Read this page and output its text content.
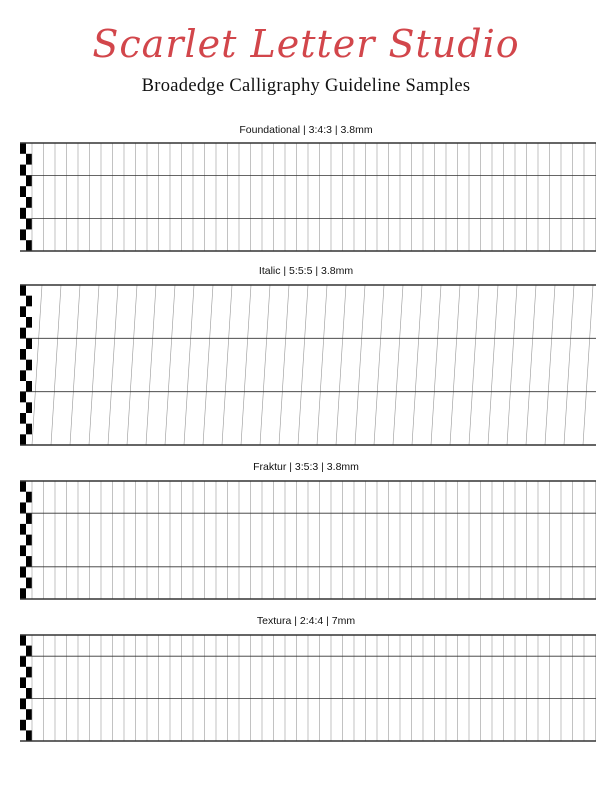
Scarlet Letter Studio
Broadedge Calligraphy Guideline Samples
Foundational | 3:4:3 | 3.8mm
Italic | 5:5:5 | 3.8mm
Fraktur | 3:5:3 | 3.8mm
Textura | 2:4:4 | 7mm
